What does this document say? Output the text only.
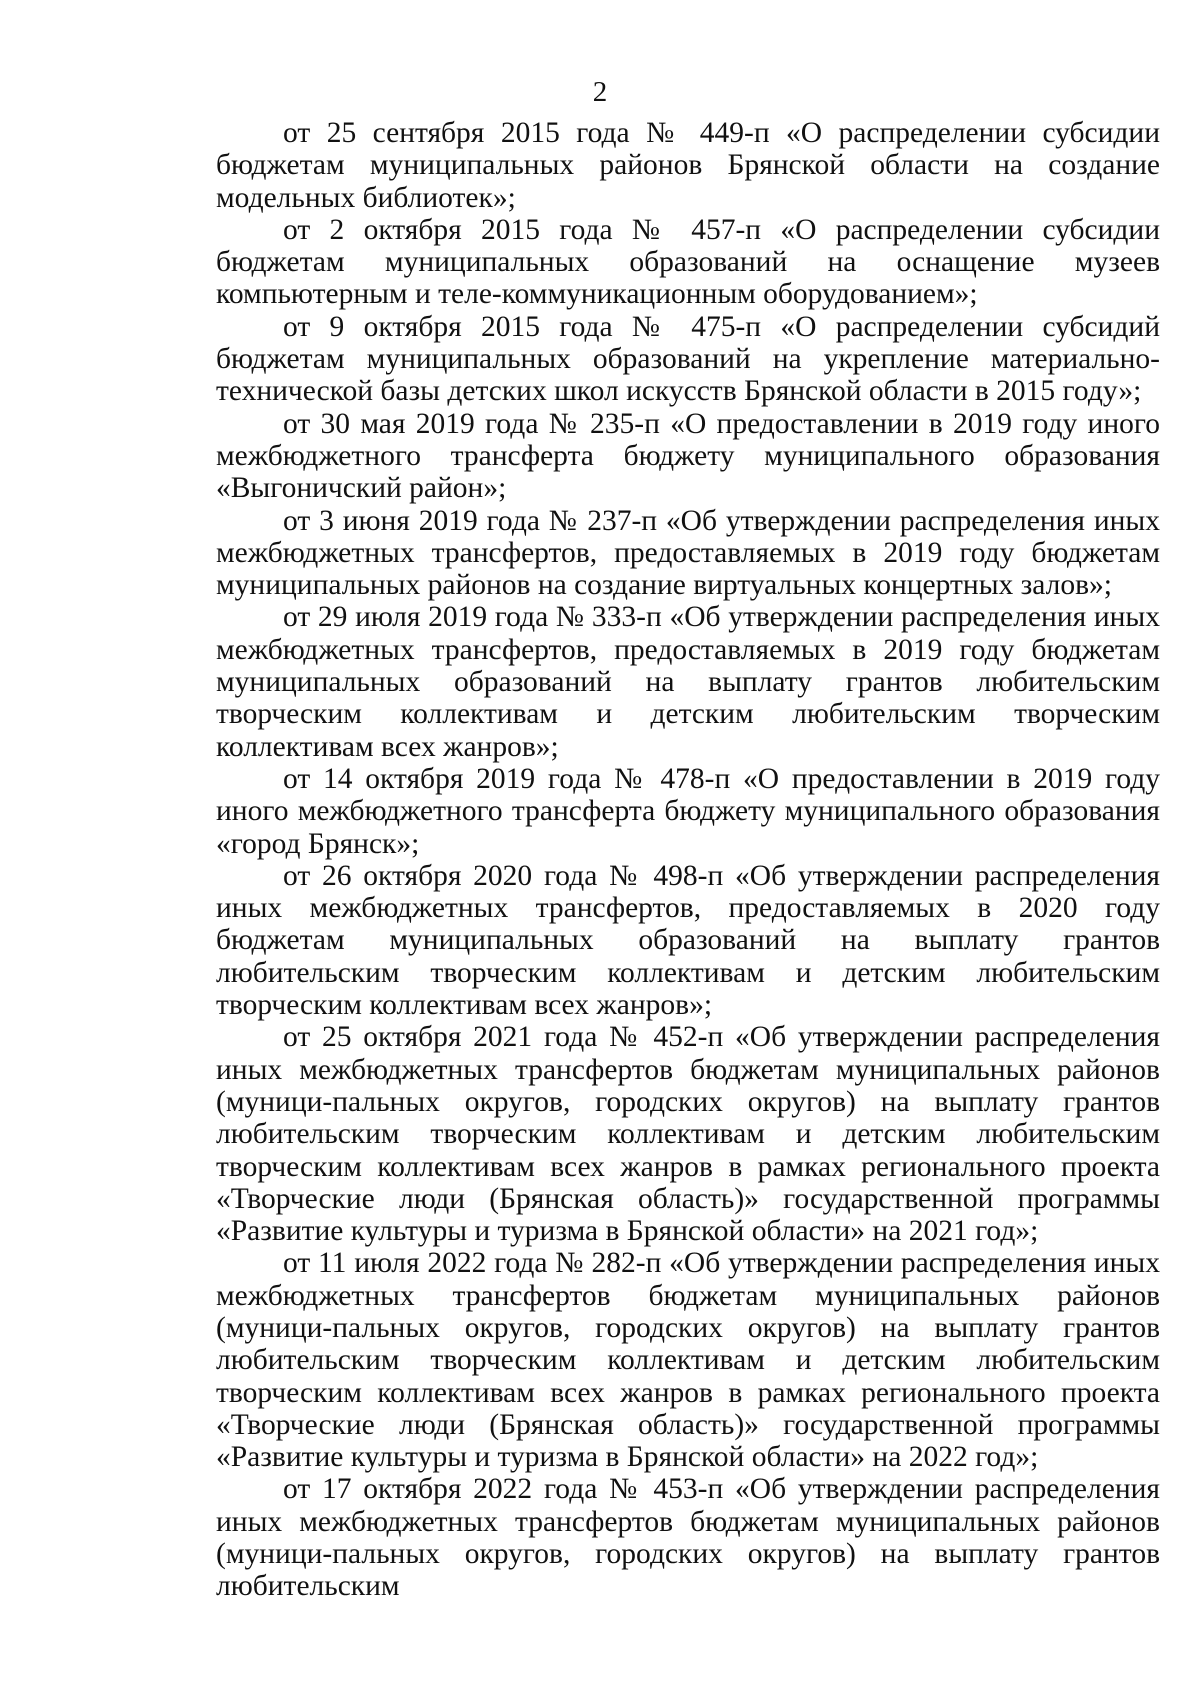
2

от 25 сентября 2015 года № 449-п «О распределении субсидии бюджетам муниципальных районов Брянской области на создание модельных библиотек»;

от 2 октября 2015 года № 457-п «О распределении субсидии бюджетам муниципальных образований на оснащение музеев компьютерным и теле-коммуникационным оборудованием»;

от 9 октября 2015 года № 475-п «О распределении субсидий бюджетам муниципальных образований на укрепление материально-технической базы детских школ искусств Брянской области в 2015 году»;

от 30 мая 2019 года № 235-п «О предоставлении в 2019 году иного межбюджетного трансферта бюджету муниципального образования «Выгоничский район»;

от 3 июня 2019 года № 237-п «Об утверждении распределения иных межбюджетных трансфертов, предоставляемых в 2019 году бюджетам муниципальных районов на создание виртуальных концертных залов»;

от 29 июля 2019 года № 333-п «Об утверждении распределения иных межбюджетных трансфертов, предоставляемых в 2019 году бюджетам муниципальных образований на выплату грантов любительским творческим коллективам и детским любительским творческим коллективам всех жанров»;

от 14 октября 2019 года № 478-п «О предоставлении в 2019 году иного межбюджетного трансферта бюджету муниципального образования «город Брянск»;

от 26 октября 2020 года № 498-п «Об утверждении распределения иных межбюджетных трансфертов, предоставляемых в 2020 году бюджетам муниципальных образований на выплату грантов любительским творческим коллективам и детским любительским творческим коллективам всех жанров»;

от 25 октября 2021 года № 452-п «Об утверждении распределения иных межбюджетных трансфертов бюджетам муниципальных районов (муници-пальных округов, городских округов) на выплату грантов любительским творческим коллективам и детским любительским творческим коллективам всех жанров в рамках регионального проекта «Творческие люди (Брянская область)» государственной программы «Развитие культуры и туризма в Брянской области» на 2021 год»;

от 11 июля 2022 года № 282-п «Об утверждении распределения иных межбюджетных трансфертов бюджетам муниципальных районов (муници-пальных округов, городских округов) на выплату грантов любительским творческим коллективам и детским любительским творческим коллективам всех жанров в рамках регионального проекта «Творческие люди (Брянская область)» государственной программы «Развитие культуры и туризма в Брянской области» на 2022 год»;

от 17 октября 2022 года № 453-п «Об утверждении распределения иных межбюджетных трансфертов бюджетам муниципальных районов (муници-пальных округов, городских округов) на выплату грантов любительским
